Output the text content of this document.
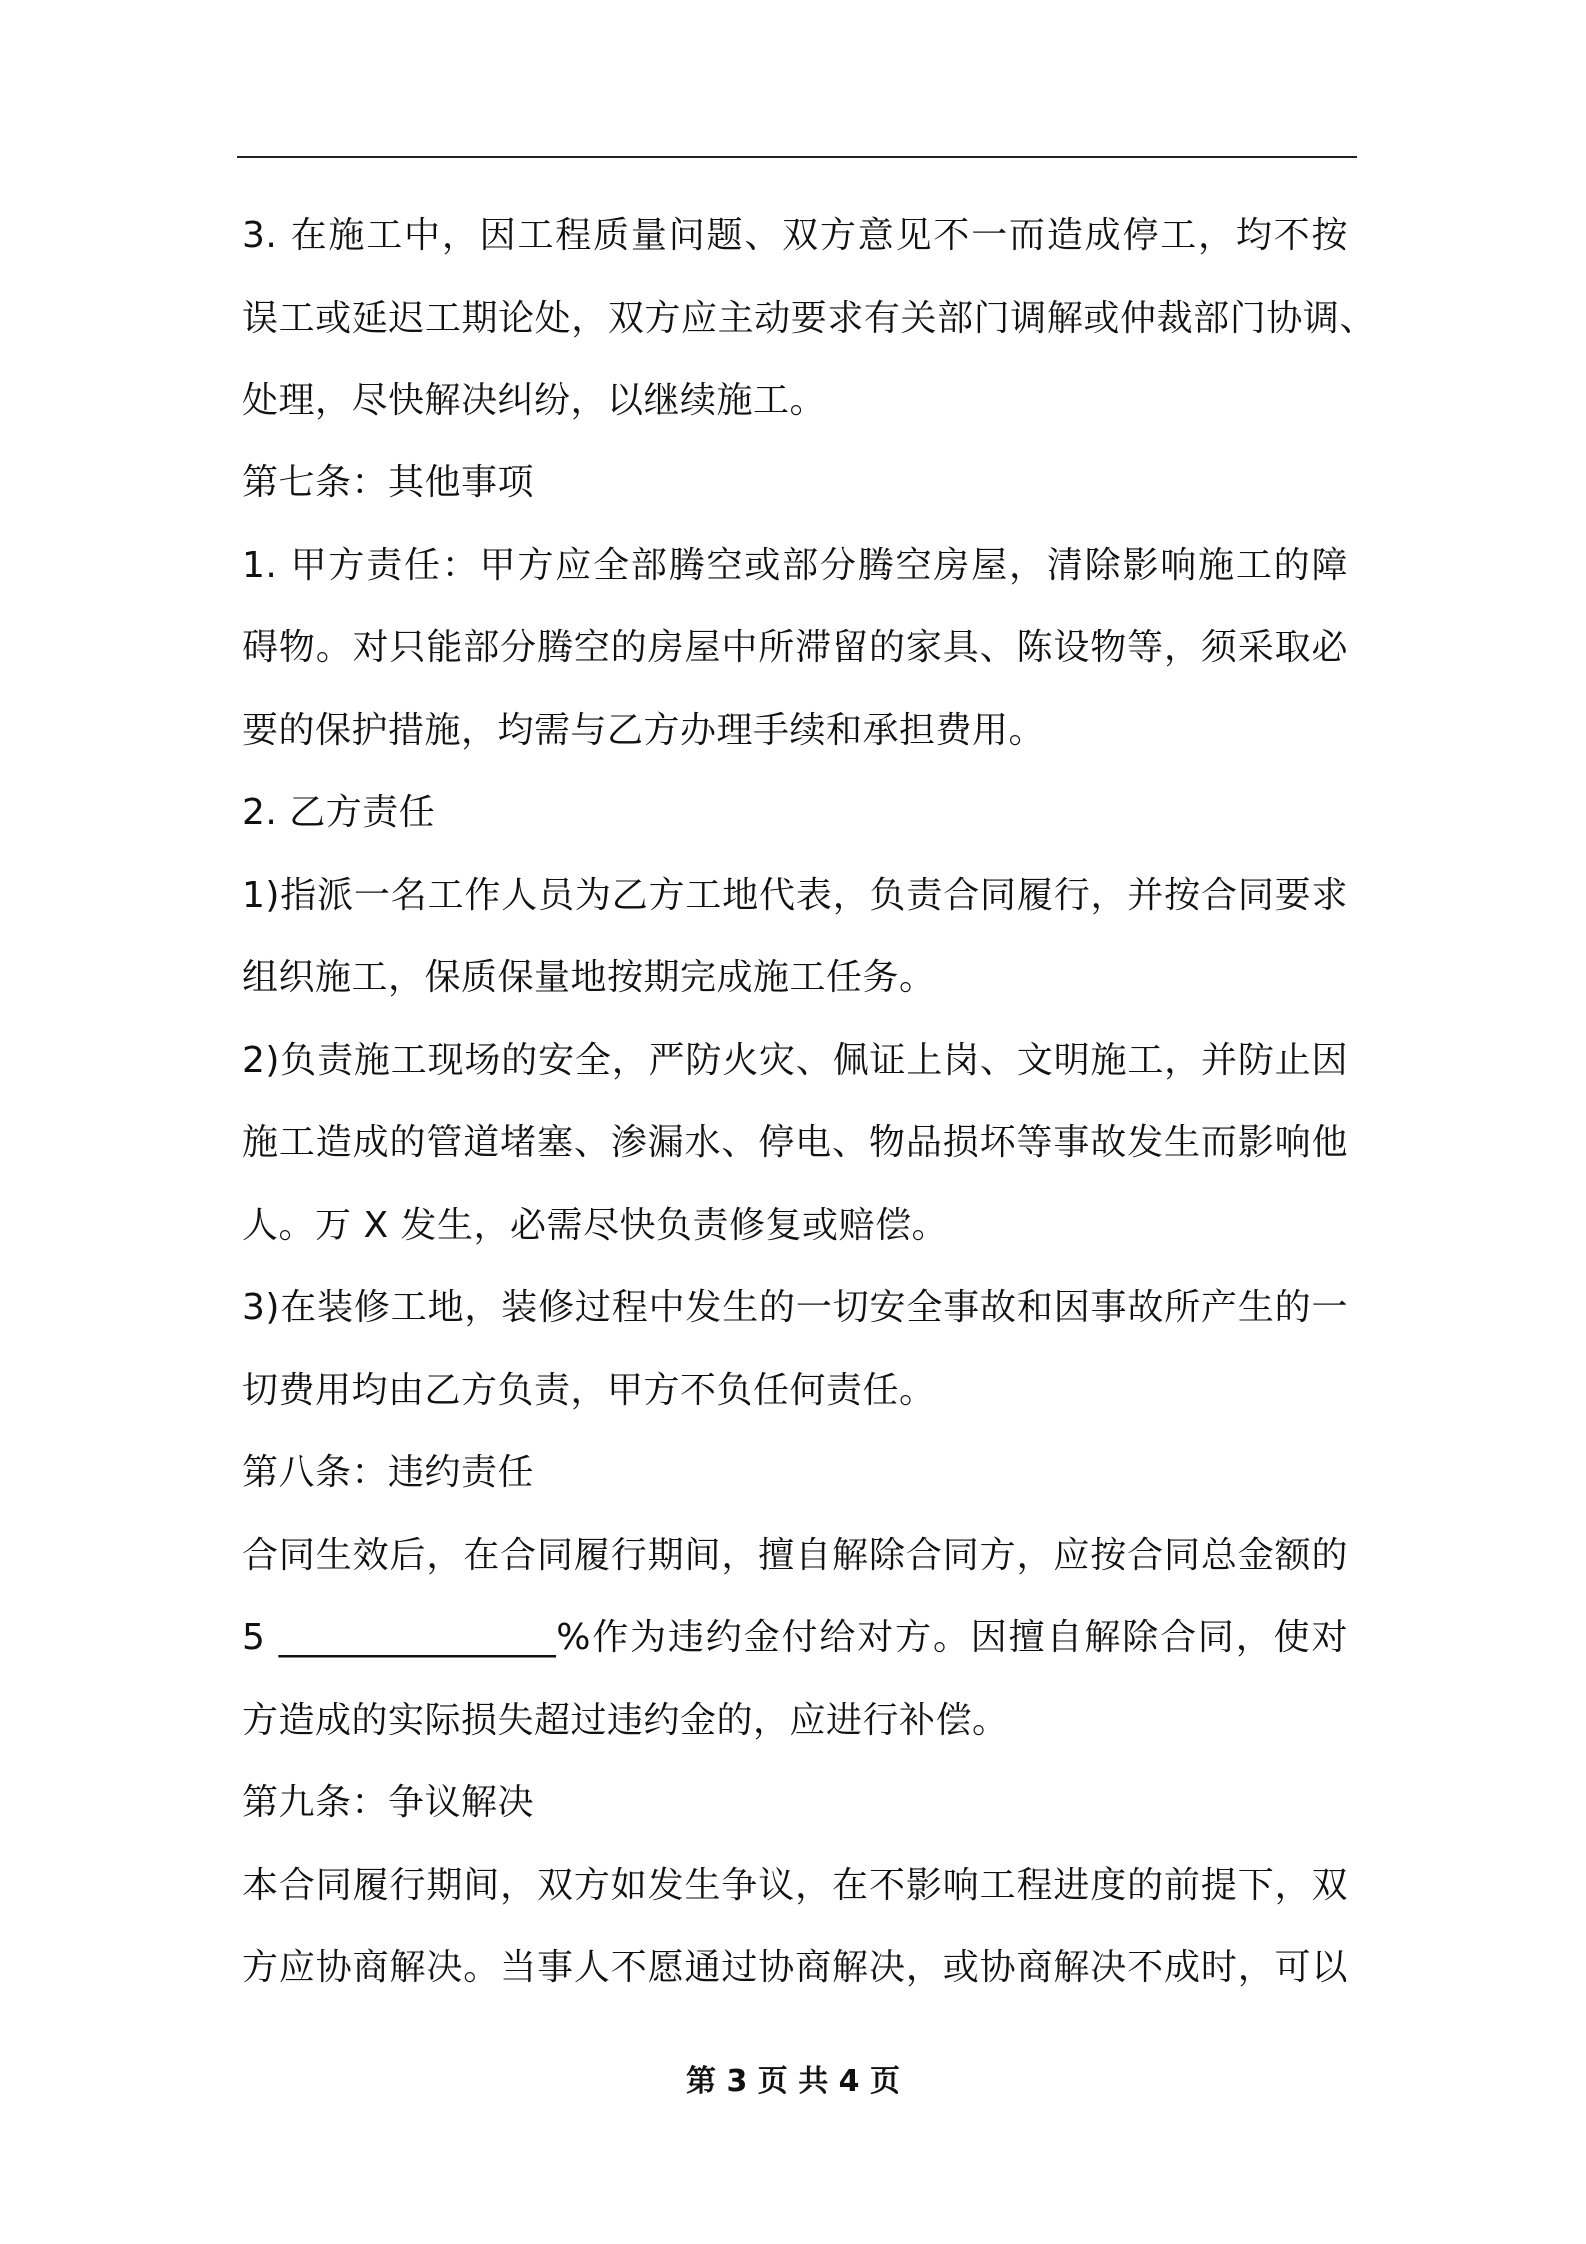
3. 在施工中，因工程质量问题、双方意见不一而造成停工，均不按
误工或延迟工期论处，双方应主动要求有关部门调解或仲裁部门协调、
处理，尽快解决纠纷，以继续施工。
第七条：其他事项
1. 甲方责任：甲方应全部腾空或部分腾空房屋，清除影响施工的障
碍物。对只能部分腾空的房屋中所滞留的家具、陈设物等，须采取必
要的保护措施，均需与乙方办理手续和承担费用。
2. 乙方责任
1)指派一名工作人员为乙方工地代表，负责合同履行，并按合同要求
组织施工，保质保量地按期完成施工任务。
2)负责施工现场的安全，严防火灾、佩证上岗、文明施工，并防止因
施工造成的管道堵塞、渗漏水、停电、物品损坏等事故发生而影响他
人。万 X 发生，必需尽快负责修复或赔偿。
3)在装修工地，装修过程中发生的一切安全事故和因事故所产生的一
切费用均由乙方负责，甲方不负任何责任。
第八条：违约责任
合同生效后，在合同履行期间，擅自解除合同方，应按合同总金额的
5 _______________%作为违约金付给对方。因擅自解除合同，使对
方造成的实际损失超过违约金的，应进行补偿。
第九条：争议解决
本合同履行期间，双方如发生争议，在不影响工程进度的前提下，双
方应协商解决。当事人不愿通过协商解决，或协商解决不成时，可以
第 3 页 共 4 页
